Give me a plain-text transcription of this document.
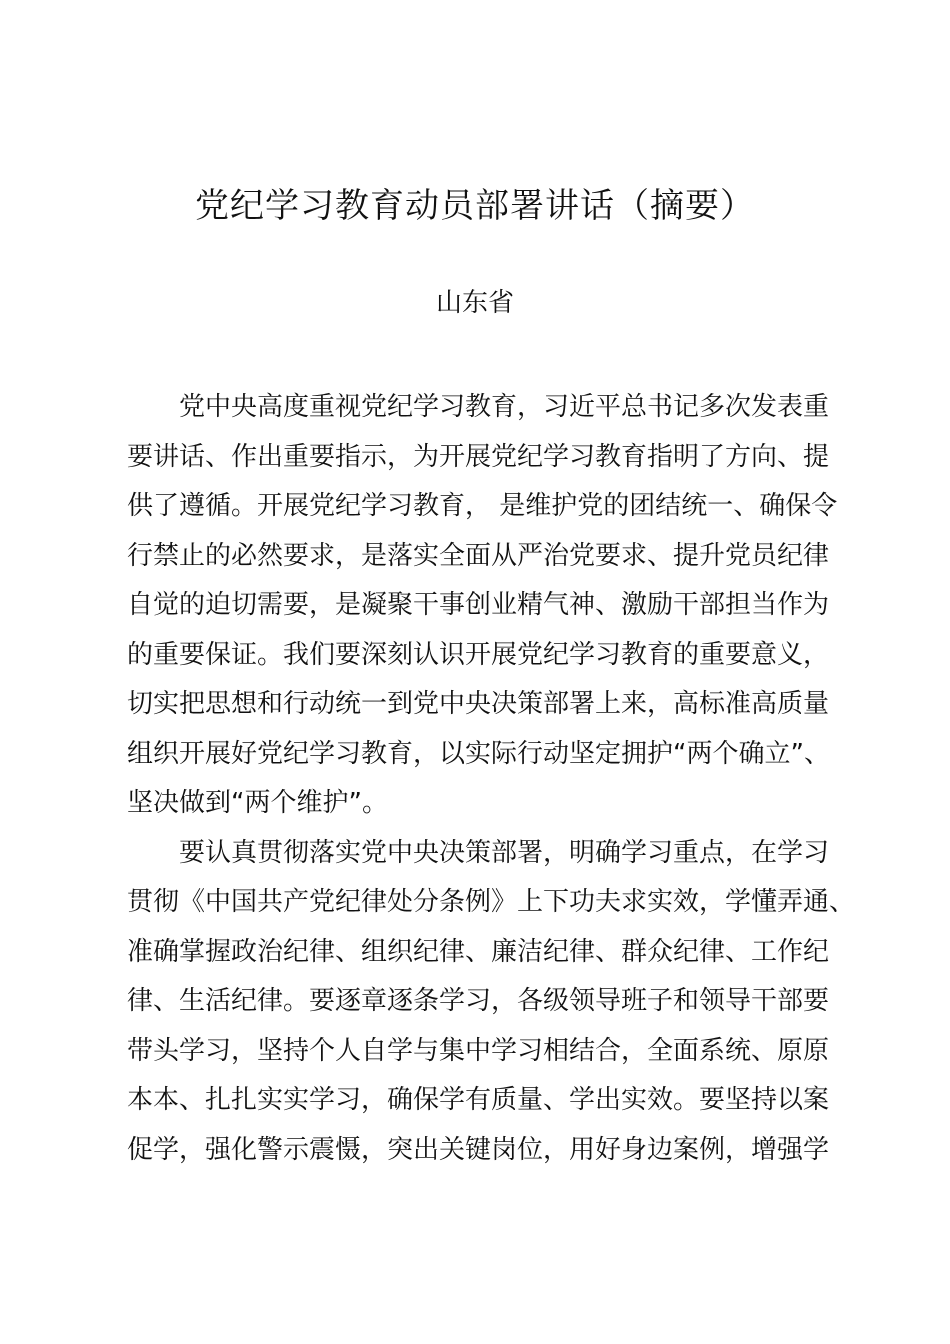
党纪学习教育动员部署讲话（摘要）
山东省
党中央高度重视党纪学习教育，习近平总书记多次发表重
要讲话、作出重要指示，为开展党纪学习教育指明了方向、提
供了遵循。开展党纪学习教育， 是维护党的团结统一、确保令
行禁止的必然要求，是落实全面从严治党要求、提升党员纪律
自觉的迫切需要，是凝聚干事创业精气神、激励干部担当作为
的重要保证。我们要深刻认识开展党纪学习教育的重要意义，
切实把思想和行动统一到党中央决策部署上来，高标准高质量
组织开展好党纪学习教育，以实际行动坚定拥护“两个确立”、
坚决做到“两个维护”。
要认真贯彻落实党中央决策部署，明确学习重点，在学习
贯彻《中国共产党纪律处分条例》上下功夫求实效，学懂弄通、
准确掌握政治纪律、组织纪律、廉洁纪律、群众纪律、工作纪
律、生活纪律。要逐章逐条学习，各级领导班子和领导干部要
带头学习，坚持个人自学与集中学习相结合，全面系统、原原
本本、扎扎实实学习，确保学有质量、学出实效。要坚持以案
促学，强化警示震慑，突出关键岗位，用好身边案例，增强学
